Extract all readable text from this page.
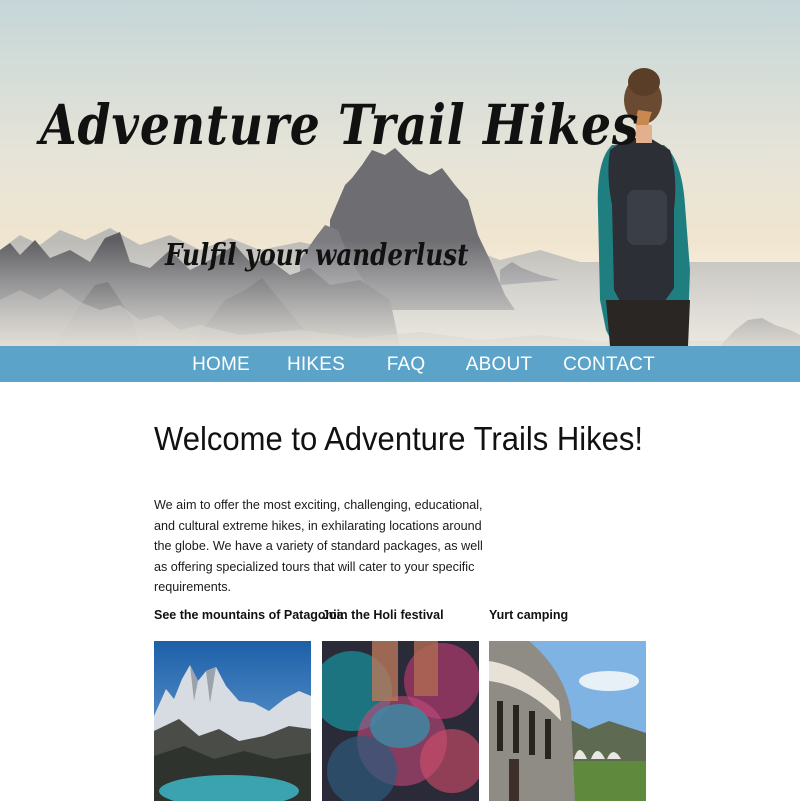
Adventure Trail Hikes

Fulfil your wanderlust

HOME HIKES FAQ ABOUT CONTACT
Welcome to Adventure Trails Hikes!

We aim to offer the most exciting, challenging, educational, and cultural extreme hikes, in exhilarating locations around the globe. We have a variety of standard packages, as well as offering specialized tours that will cater to your specific requirements.

See the mountains of Patagonia
Join the Holi festival	Yurt camping
